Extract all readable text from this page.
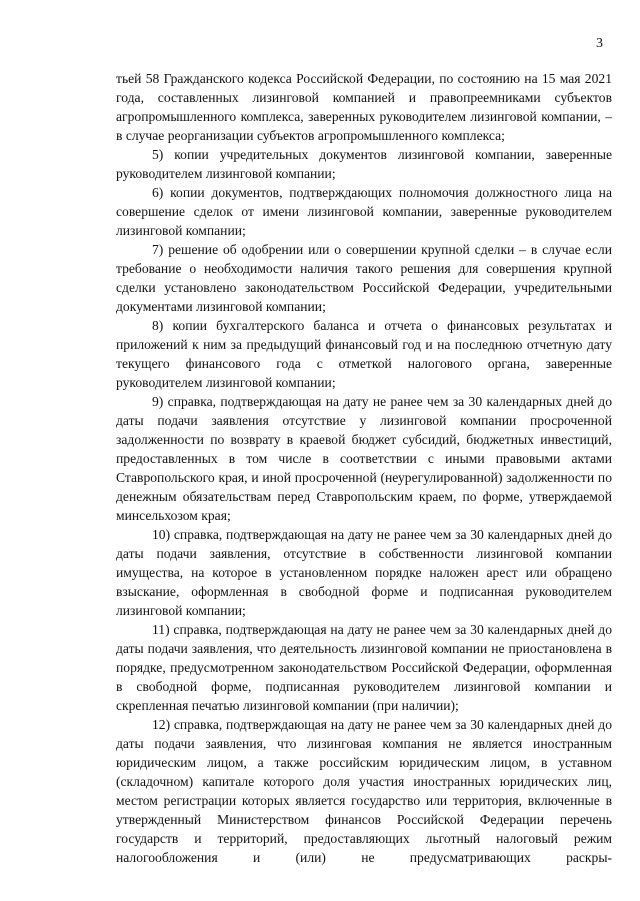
3

тьей 58 Гражданского кодекса Российской Федерации, по состоянию на 15 мая 2021 года, составленных лизинговой компанией и правопреемниками субъектов агропромышленного комплекса, заверенных руководителем лизинговой компании, – в случае реорганизации субъектов агропромышленного комплекса;

5) копии учредительных документов лизинговой компании, заверенные руководителем лизинговой компании;

6) копии документов, подтверждающих полномочия должностного лица на совершение сделок от имени лизинговой компании, заверенные руководителем лизинговой компании;

7) решение об одобрении или о совершении крупной сделки – в случае если требование о необходимости наличия такого решения для совершения крупной сделки установлено законодательством Российской Федерации, учредительными документами лизинговой компании;

8) копии бухгалтерского баланса и отчета о финансовых результатах и приложений к ним за предыдущий финансовый год и на последнюю отчетную дату текущего финансового года с отметкой налогового органа, заверенные руководителем лизинговой компании;

9) справка, подтверждающая на дату не ранее чем за 30 календарных дней до даты подачи заявления отсутствие у лизинговой компании просроченной задолженности по возврату в краевой бюджет субсидий, бюджетных инвестиций, предоставленных в том числе в соответствии с иными правовыми актами Ставропольского края, и иной просроченной (неурегулированной) задолженности по денежным обязательствам перед Ставропольским краем, по форме, утверждаемой минсельхозом края;

10) справка, подтверждающая на дату не ранее чем за 30 календарных дней до даты подачи заявления, отсутствие в собственности лизинговой компании имущества, на которое в установленном порядке наложен арест или обращено взыскание, оформленная в свободной форме и подписанная руководителем лизинговой компании;

11) справка, подтверждающая на дату не ранее чем за 30 календарных дней до даты подачи заявления, что деятельность лизинговой компании не приостановлена в порядке, предусмотренном законодательством Российской Федерации, оформленная в свободной форме, подписанная руководителем лизинговой компании и скрепленная печатью лизинговой компании (при наличии);

12) справка, подтверждающая на дату не ранее чем за 30 календарных дней до даты подачи заявления, что лизинговая компания не является иностранным юридическим лицом, а также российским юридическим лицом, в уставном (складочном) капитале которого доля участия иностранных юридических лиц, местом регистрации которых является государство или территория, включенные в утвержденный Министерством финансов Российской Федерации перечень государств и территорий, предоставляющих льготный налоговый режим налогообложения и (или) не предусматривающих раскры-
